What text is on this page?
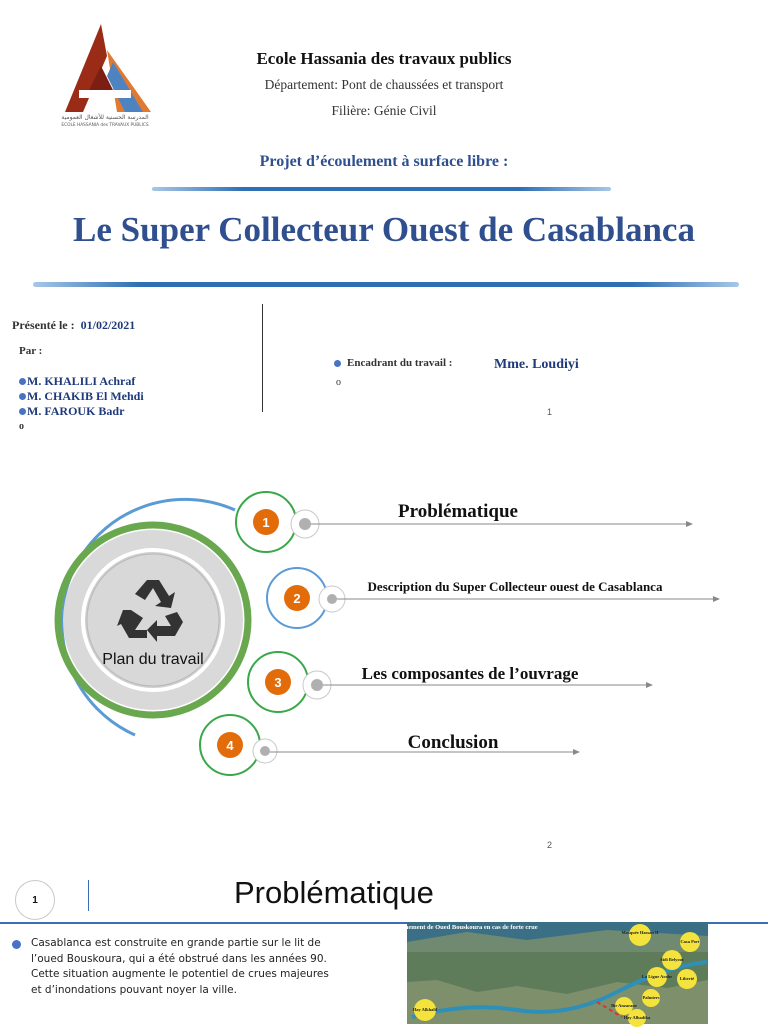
المدرسة الحسنية للأشغال العمومية
ECOLE HASSANIA des TRAVAUX PUBLICS
Ecole Hassania des travaux publics
Département: Pont de chaussées et transport
Filière: Génie Civil
Projet d’écoulement à surface libre :
Le Super Collecteur Ouest de Casablanca
Présenté le : 01/02/2021
Par :
M. KHALILI Achraf
M. CHAKIB El Mehdi
M. FAROUK Badr
o
Encadrant du travail :	Mme. Loudiyi
o
1
Plan du travail
1
Problématique
2
Description du Super Collecteur ouest de Casablanca
3	Les composantes de l’ouvrage
4	Conclusion
2
1	Problématique
Casablanca est construite en grande partie sur le lit de l’oued Bouskoura, qui a été obstrué dans les années 90. Cette situation augmente le potentiel de crues majeures et d’inondations pouvant noyer la ville.
Cheminement de Oued Bouskoura en cas de forte crue
Mosquée Hassan II
Casa Port
Sidi Belyout
Liberté
La Ligue Arabe
Palmiers
Bir Anzarane
Hay Alhadika
Hay Alkhalil
